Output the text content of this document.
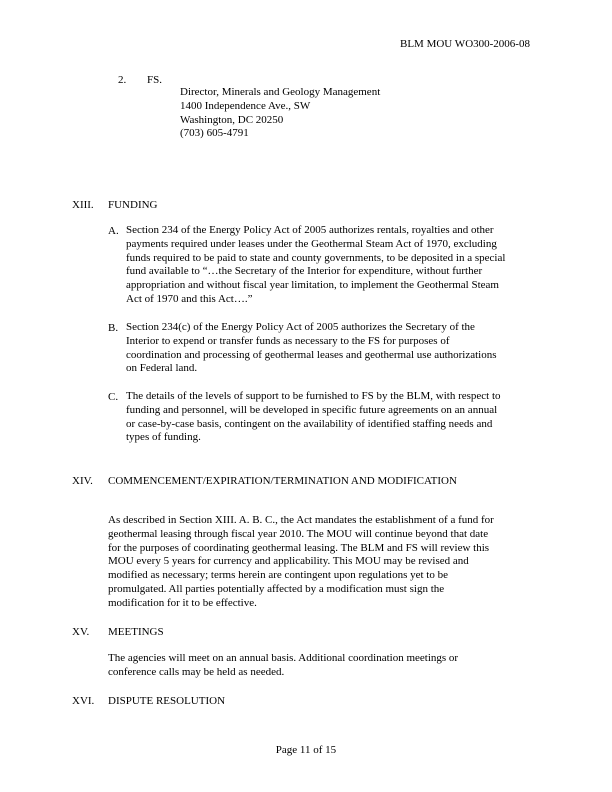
BLM MOU WO300-2006-08
2. FS.
Director, Minerals and Geology Management
1400 Independence Ave., SW
Washington, DC 20250
(703) 605-4791
XIII. FUNDING
A. Section 234 of the Energy Policy Act of 2005 authorizes rentals, royalties and other
payments required under leases under the Geothermal Steam Act of 1970, excluding
funds required to be paid to state and county governments, to be deposited in a special
fund available to “…the Secretary of the Interior for expenditure, without further
appropriation and without fiscal year limitation, to implement the Geothermal Steam
Act of 1970 and this Act….”
B. Section 234(c) of the Energy Policy Act of 2005 authorizes the Secretary of the
Interior to expend or transfer funds as necessary to the FS for purposes of
coordination and processing of geothermal leases and geothermal use authorizations
on Federal land.
C. The details of the levels of support to be furnished to FS by the BLM, with respect to
funding and personnel, will be developed in specific future agreements on an annual
or case-by-case basis, contingent on the availability of identified staffing needs and
types of funding.
XIV. COMMENCEMENT/EXPIRATION/TERMINATION AND MODIFICATION
As described in Section XIII. A. B. C., the Act mandates the establishment of a fund for
geothermal leasing through fiscal year 2010. The MOU will continue beyond that date
for the purposes of coordinating geothermal leasing. The BLM and FS will review this
MOU every 5 years for currency and applicability. This MOU may be revised and
modified as necessary; terms herein are contingent upon regulations yet to be
promulgated. All parties potentially affected by a modification must sign the
modification for it to be effective.
XV. MEETINGS
The agencies will meet on an annual basis. Additional coordination meetings or
conference calls may be held as needed.
XVI. DISPUTE RESOLUTION
Page 11 of 15
